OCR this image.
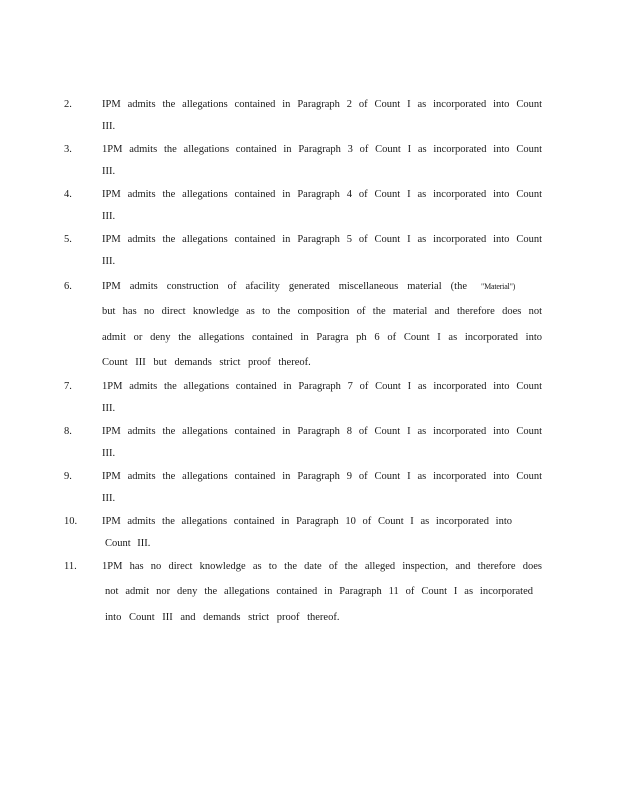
2.	IPM admits the allegations contained in Paragraph 2 of Count I as incorporated into Count
III.
3.	1PM admits the allegations contained in Paragraph 3 of Count I as incorporated into Count
III.
4.	IPM admits the allegations contained in Paragraph 4 of Count I as incorporated into Count
III.
5.	IPM admits the allegations contained in Paragraph 5 of Count I as incorporated into Count
III.
6.	IPM admits construction of afacility generated miscellaneous material (the "Material")
but has no direct knowledge as to the composition of the material and therefore does not
admit or deny the allegations contained in Paragra ph 6 of Count I as incorporated into
Count III but demands strict proof thereof.
7.	1PM admits the allegations contained in Paragraph 7 of Count I as incorporated into Count
III.
8.	IPM admits the allegations contained in Paragraph 8 of Count I as incorporated into Count
III.
9.	IPM admits the allegations contained in Paragraph 9 of Count I as incorporated into Count
III.
10. IPM admits the allegations contained in Paragraph 10 of Count I as incorporated into
Count III.
11. 1PM has no direct knowledge as to the date of the alleged inspection, and therefore does
not admit nor deny the allegations contained in Paragraph 11 of Count I as incorporated
into Count III and demands strict proof thereof.
